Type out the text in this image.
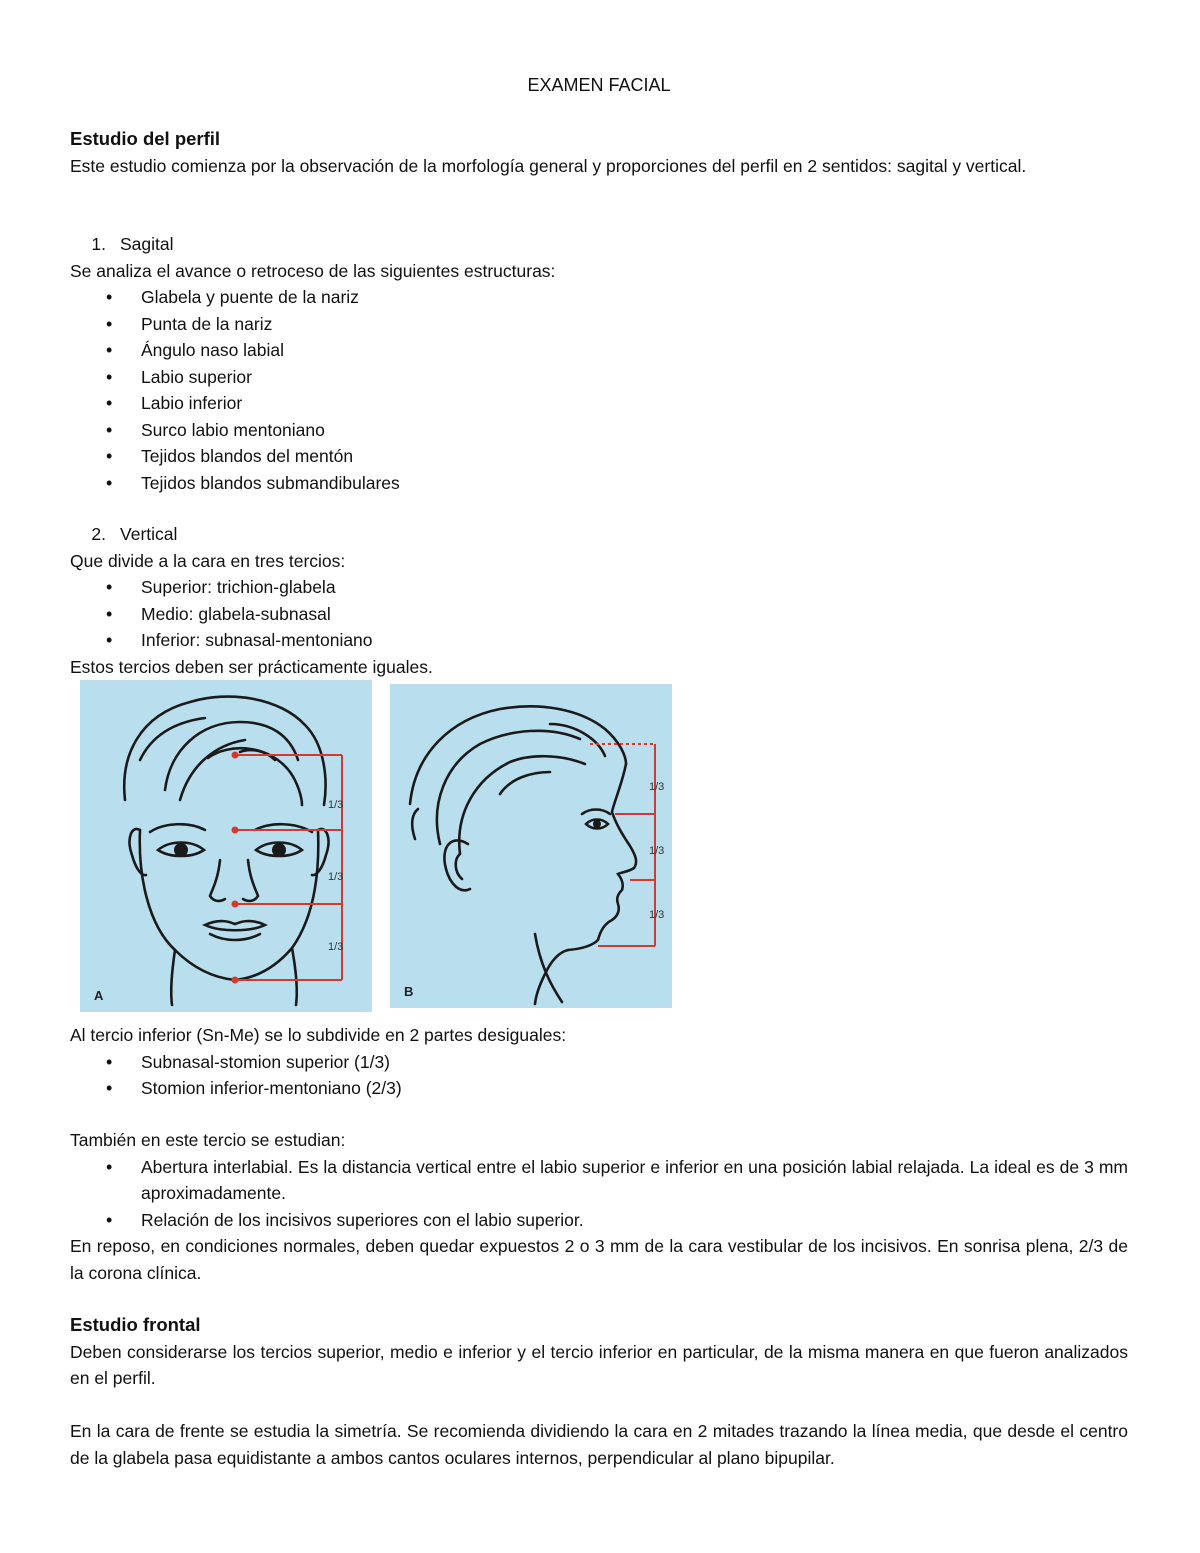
EXAMEN FACIAL
Estudio del perfil
Este estudio comienza por la observación de la morfología general y proporciones del perfil en 2 sentidos: sagital y vertical.
1. Sagital
Se analiza el avance o retroceso de las siguientes estructuras:
• Glabela y puente de la nariz
• Punta de la nariz
• Ángulo naso labial
• Labio superior
• Labio inferior
• Surco labio mentoniano
• Tejidos blandos del mentón
• Tejidos blandos submandibulares
2. Vertical
Que divide a la cara en tres tercios:
• Superior: trichion-glabela
• Medio: glabela-subnasal
• Inferior: subnasal-mentoniano
Estos tercios deben ser prácticamente iguales.
1/3
1/3
1/3
A
1/3
1/3
1/3
B
Al tercio inferior (Sn-Me) se lo subdivide en 2 partes desiguales:
• Subnasal-stomion superior (1/3)
• Stomion inferior-mentoniano (2/3)
También en este tercio se estudian:
• Abertura interlabial. Es la distancia vertical entre el labio superior e inferior en una posición labial relajada. La ideal es de 3 mm aproximadamente.
• Relación de los incisivos superiores con el labio superior.
En reposo, en condiciones normales, deben quedar expuestos 2 o 3 mm de la cara vestibular de los incisivos. En sonrisa plena, 2/3 de la corona clínica.
Estudio frontal
Deben considerarse los tercios superior, medio e inferior y el tercio inferior en particular, de la misma manera en que fueron analizados en el perfil.
En la cara de frente se estudia la simetría. Se recomienda dividiendo la cara en 2 mitades trazando la línea media, que desde el centro de la glabela pasa equidistante a ambos cantos oculares internos, perpendicular al plano bipupilar.
